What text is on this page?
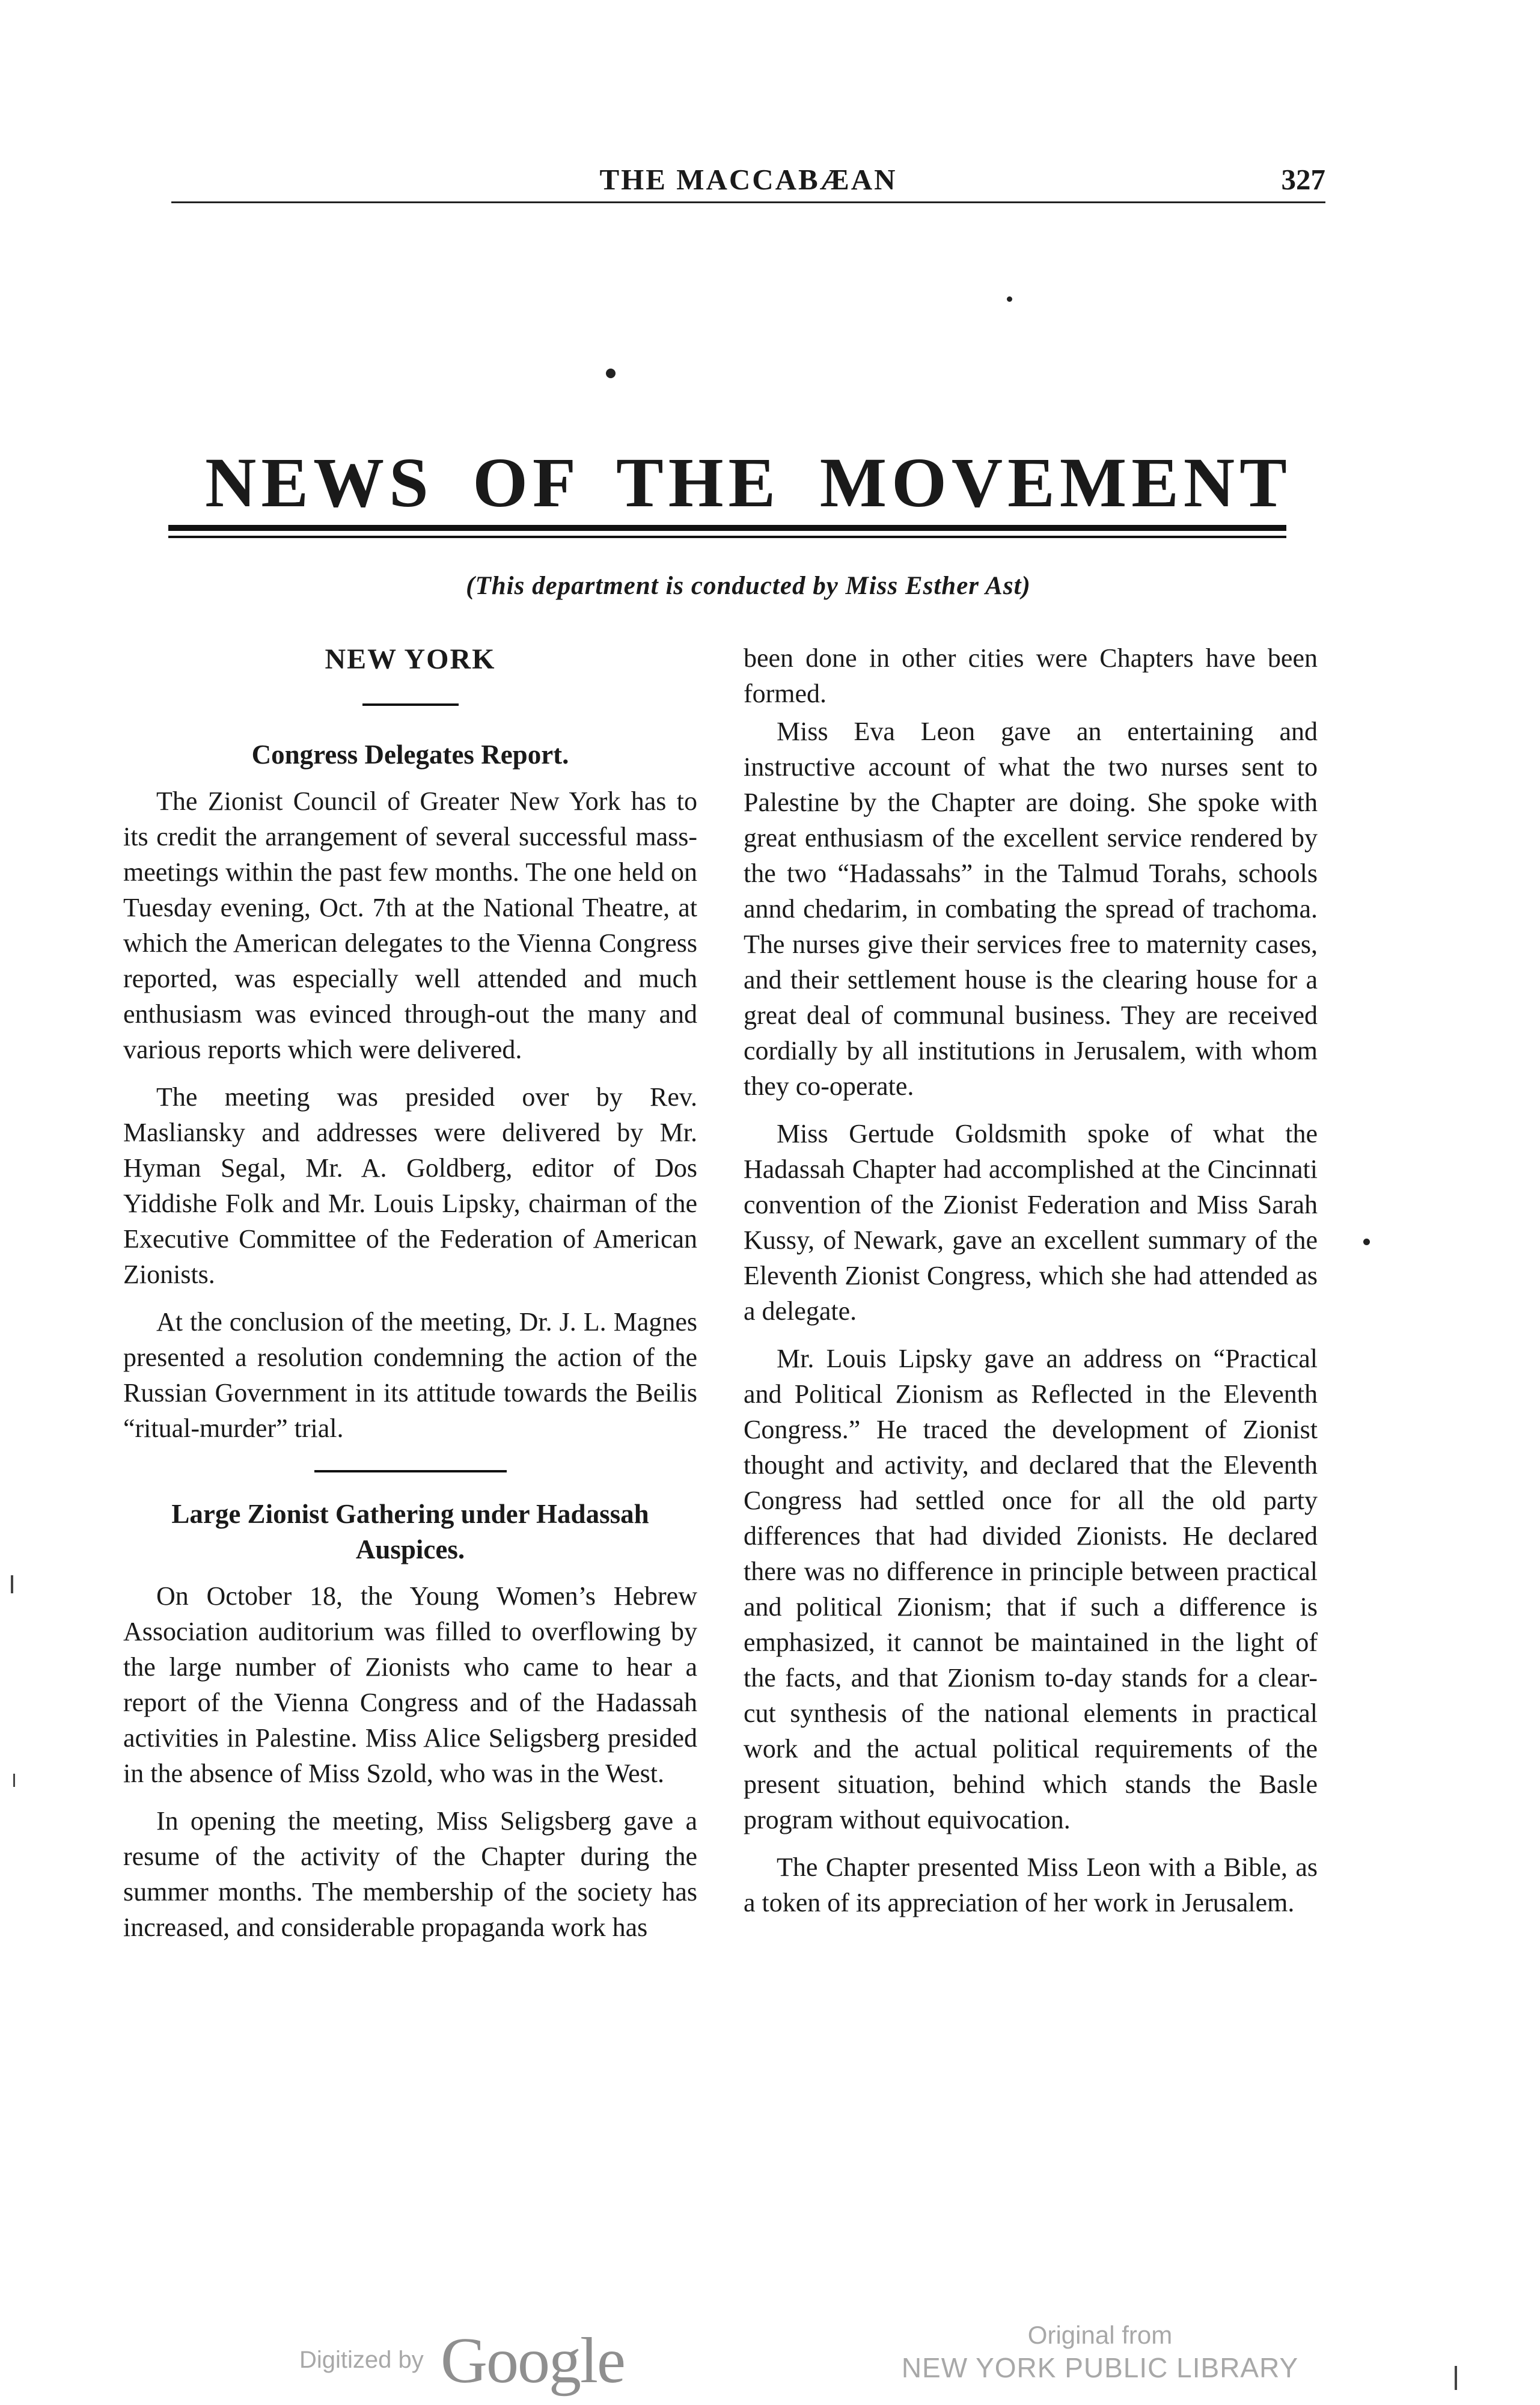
THE MACCABÆAN	327
NEWS OF THE MOVEMENT
(This department is conducted by Miss Esther Ast)
NEW YORK
Congress Delegates Report.

The Zionist Council of Greater New York has to its credit the arrangement of several successful mass-meetings within the past few months. The one held on Tuesday evening, Oct. 7th at the National Theatre, at which the American delegates to the Vienna Congress reported, was especially well attended and much enthusiasm was evinced through-out the many and various reports which were delivered.

The meeting was presided over by Rev. Masliansky and addresses were delivered by Mr. Hyman Segal, Mr. A. Goldberg, editor of Dos Yiddishe Folk and Mr. Louis Lipsky, chairman of the Executive Committee of the Federation of American Zionists.

At the conclusion of the meeting, Dr. J. L. Magnes presented a resolution condemning the action of the Russian Government in its attitude towards the Beilis “ritual-murder” trial.

Large Zionist Gathering under Hadassah Auspices.

On October 18, the Young Women’s Hebrew Association auditorium was filled to overflowing by the large number of Zionists who came to hear a report of the Vienna Congress and of the Hadassah activities in Palestine. Miss Alice Seligsberg presided in the absence of Miss Szold, who was in the West.

In opening the meeting, Miss Seligsberg gave a resume of the activity of the Chapter during the summer months. The membership of the society has increased, and considerable propaganda work has

been done in other cities were Chapters have been formed.

Miss Eva Leon gave an entertaining and instructive account of what the two nurses sent to Palestine by the Chapter are doing. She spoke with great enthusiasm of the excellent service rendered by the two “Hadassahs” in the Talmud Torahs, schools annd chedarim, in combating the spread of trachoma. The nurses give their services free to maternity cases, and their settlement house is the clearing house for a great deal of communal business. They are received cordially by all institutions in Jerusalem, with whom they co-operate.

Miss Gertude Goldsmith spoke of what the Hadassah Chapter had accomplished at the Cincinnati convention of the Zionist Federation and Miss Sarah Kussy, of Newark, gave an excellent summary of the Eleventh Zionist Congress, which she had attended as a delegate.

Mr. Louis Lipsky gave an address on “Practical and Political Zionism as Reflected in the Eleventh Congress.” He traced the development of Zionist thought and activity, and declared that the Eleventh Congress had settled once for all the old party differences that had divided Zionists. He declared there was no difference in principle between practical and political Zionism; that if such a difference is emphasized, it cannot be maintained in the light of the facts, and that Zionism to-day stands for a clear-cut synthesis of the national elements in practical work and the actual political requirements of the present situation, behind which stands the Basle program without equivocation.

The Chapter presented Miss Leon with a Bible, as a token of its appreciation of her work in Jerusalem.

Digitized by Google	Original from
NEW YORK PUBLIC LIBRARY
